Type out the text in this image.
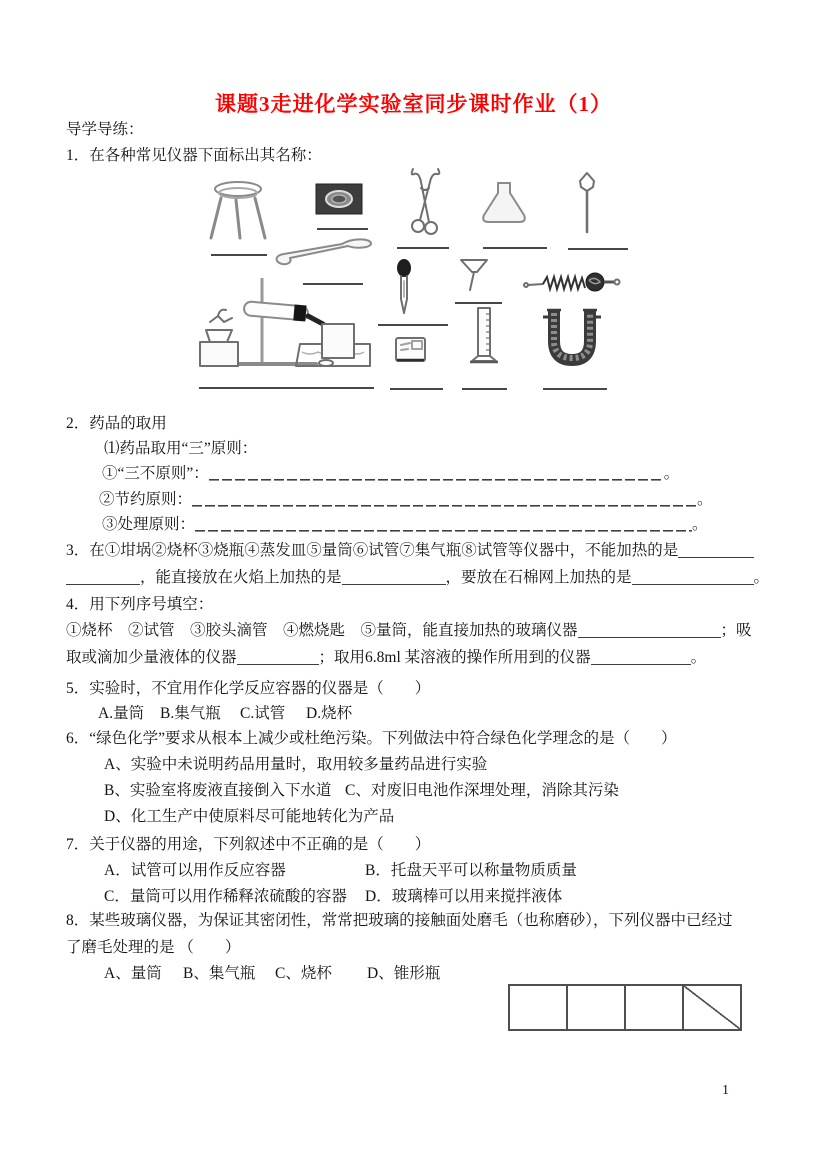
课题3走进化学实验室同步课时作业（1）
导学导练：
1．在各种常见仪器下面标出其名称：
2．药品的取用
⑴药品取用“三”原则：
①“三不原则”：	。
②节约原则：	。
③处理原则：	。
3．在①坩埚②烧杯③烧瓶④蒸发皿⑤量筒⑥试管⑦集气瓶⑧试管等仪器中，不能加热的是
，能直接放在火焰上加热的是	，要放在石棉网上加热的是	。
4．用下列序号填空：
①烧杯　②试管　③胶头滴管　④燃烧匙　⑤量筒，能直接加热的玻璃仪器	；吸
取或滴加少量液体的仪器	；取用6.8ml 某溶液的操作所用到的仪器	。
5．实验时，不宜用作化学反应容器的仪器是（　　）
A.量筒 B.集气瓶 C.试管 D.烧杯
6．“绿色化学”要求从根本上减少或杜绝污染。下列做法中符合绿色化学理念的是（　　）
A、实验中未说明药品用量时，取用较多量药品进行实验
B、实验室将废液直接倒入下水道 C、对废旧电池作深埋处理，消除其污染
D、化工生产中使原料尽可能地转化为产品
7．关于仪器的用途，下列叙述中不正确的是（　　）
A．试管可以用作反应容器	B．托盘天平可以称量物质质量
C．量筒可以用作稀释浓硫酸的容器 D．玻璃棒可以用来搅拌液体
8．某些玻璃仪器，为保证其密闭性，常常把玻璃的接触面处磨毛（也称磨砂），下列仪器中已经过
了磨毛处理的是 （　　）
A、量筒 B、集气瓶 C、烧杯 D、锥形瓶
1
